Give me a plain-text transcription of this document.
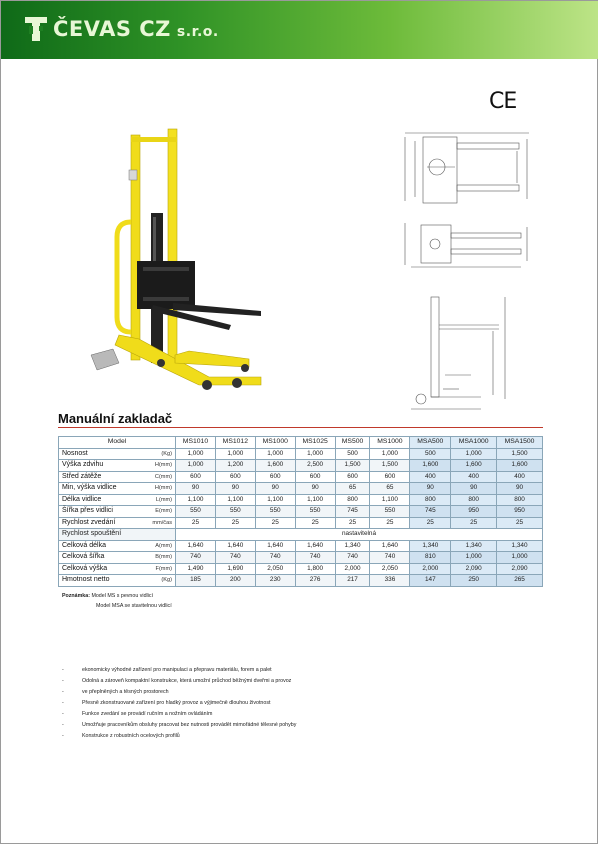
ČEVAS CZ s.r.o.
CE
Manuální zakladač
Model		MS1010	MS1012	MS1000	MS1025	MS500	MS1000	MSA500	MSA1000	MSA1500
Nosnost	(Kg)	1,000	1,000	1,000	1,000	500	1,000	500	1,000	1,500
Výška zdvihu	H(mm)	1,000	1,200	1,600	2,500	1,500	1,500	1,600	1,600	1,600
Střed zátěže	C(mm)	600	600	600	600	600	600	400	400	400
Min, výška vidlice	H(mm)	90	90	90	90	65	65	90	90	90
Délka vidlice	L(mm)	1,100	1,100	1,100	1,100	800	1,100	800	800	800
Šířka přes vidlici	E(mm)	550	550	550	550	745	550	745	950	950
Rychlost zvedání	mm/čas	25	25	25	25	25	25	25	25	25
Rychlost spouštění		nastavitelná								
Celková délka	A(mm)	1,640	1,640	1,640	1,640	1,340	1,640	1,340	1,340	1,340
Celková šířka	B(mm)	740	740	740	740	740	740	810	1,000	1,000
Celková výška	F(mm)	1,490	1,690	2,050	1,800	2,000	2,050	2,000	2,090	2,090
Hmotnost netto	(Kg)	185	200	230	276	217	336	147	250	265
Poznámka: Model MS s pevnou vidlicí
Model MSA se stavitelnou vidlicí
-	ekonomicky výhodné zařízení pro manipulaci a přepravu materiálu, forem a palet
-	Odolná a zároveň kompaktní konstrukce, která umožní průchod běžnými dveřmi a provoz
-	ve přeplněných a těsných prostorech
-	Přesně zkonstruované zařízení pro hladký provoz a výjimečně dlouhou životnost
-	Funkce zvedání se provádí ručním a nožním ovládáním
-	Umožňuje pracovníkům obsluhy pracovat bez nutnosti provádět mimořádné tělesné pohyby
-	Konstrukce z robustních ocelových profilů
